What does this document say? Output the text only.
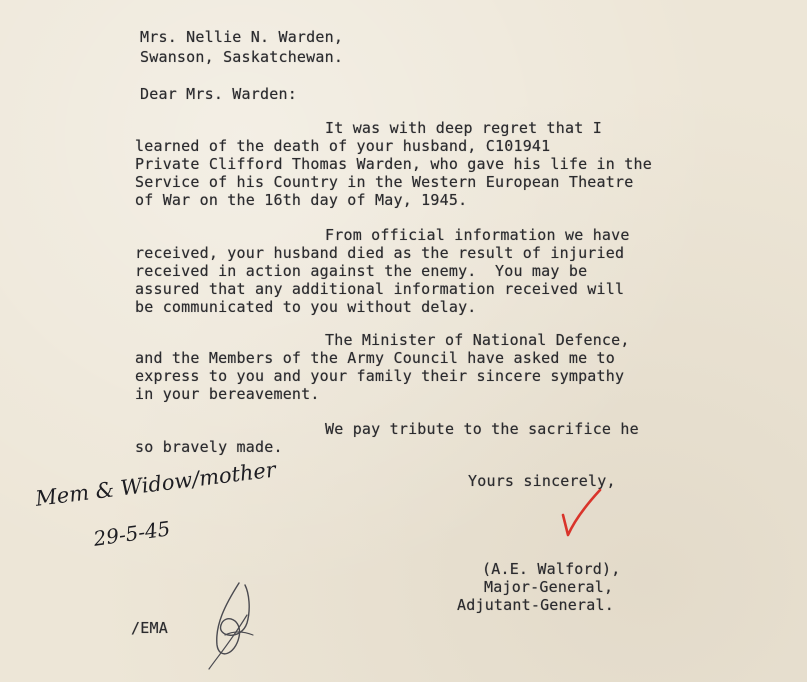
Mrs. Nellie N. Warden,
Swanson, Saskatchewan.
Dear Mrs. Warden:
It was with deep regret that I
learned of the death of your husband, C101941
Private Clifford Thomas Warden, who gave his life in the
Service of his Country in the Western European Theatre
of War on the 16th day of May, 1945.
From official information we have
received, your husband died as the result of injuried
received in action against the enemy.  You may be
assured that any additional information received will
be communicated to you without delay.
The Minister of National Defence,
and the Members of the Army Council have asked me to
express to you and your family their sincere sympathy
in your bereavement.
We pay tribute to the sacrifice he
so bravely made.
Yours sincerely,
(A.E. Walford),
Major-General,
Adjutant-General.
/EMA
Mem & Widow/mother
29-5-45
